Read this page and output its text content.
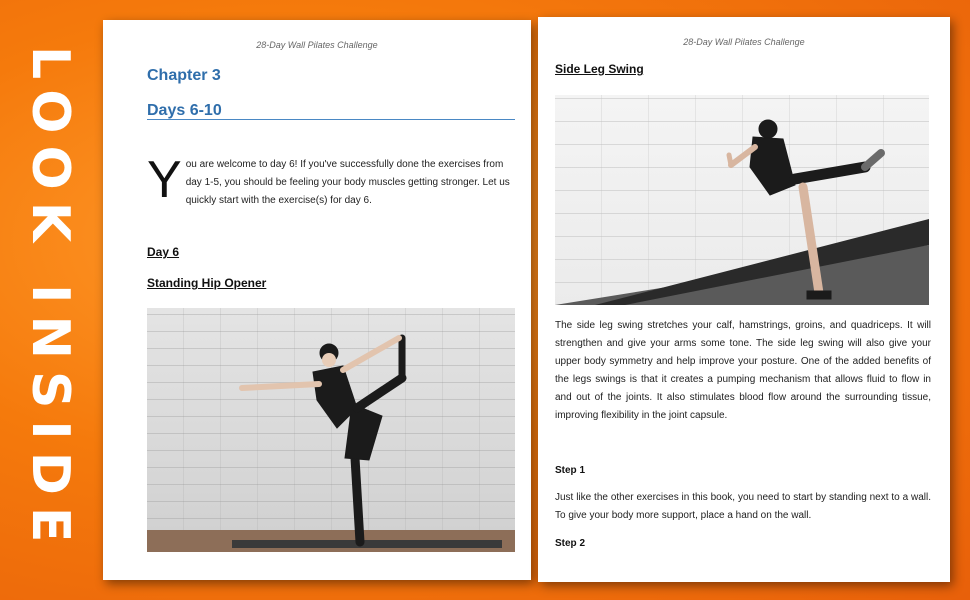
LOOK INSIDE
28-Day Wall Pilates Challenge
Chapter 3
Days 6-10
Y ou are welcome to day 6! If you've successfully done the exercises from day 1-5, you should be feeling your body muscles getting stronger. Let us quickly start with the exercise(s) for day 6.

Day 6
Standing Hip Opener
28-Day Wall Pilates Challenge
Side Leg Swing

The side leg swing stretches your calf, hamstrings, groins, and quadriceps. It will strengthen and give your arms some tone. The side leg swing will also give your upper body symmetry and help improve your posture. One of the added benefits of the legs swings is that it creates a pumping mechanism that allows fluid to flow in and out of the joints. It also stimulates blood flow around the surrounding tissue, improving flexibility in the joint capsule.

Step 1

Just like the other exercises in this book, you need to start by standing next to a wall. To give your body more support, place a hand on the wall.

Step 2
